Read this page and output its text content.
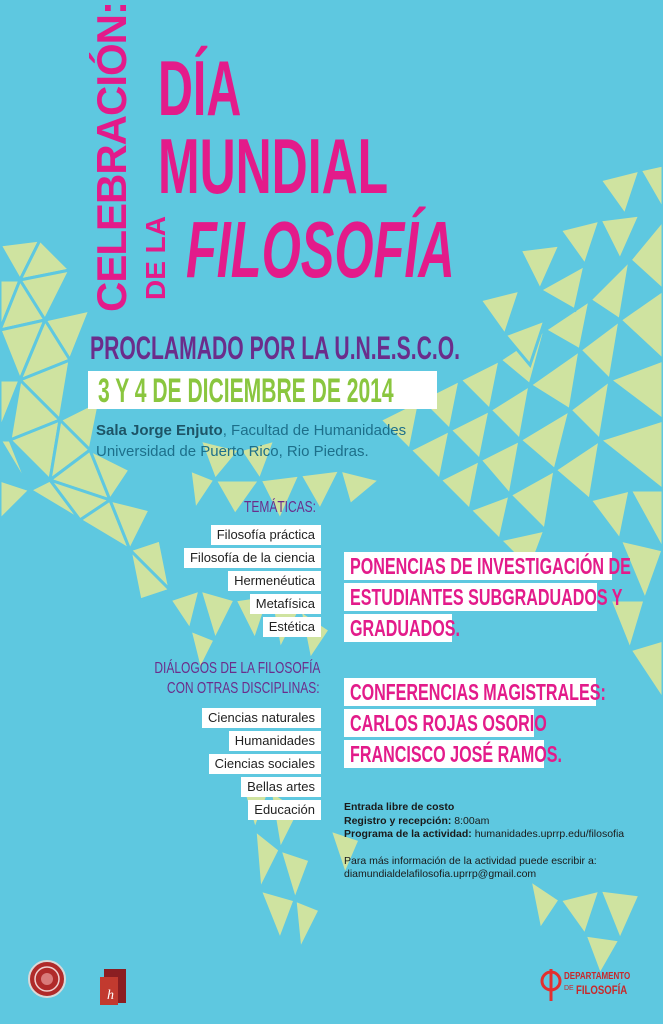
CELEBRACIÓN: DE LA
DÍA
MUNDIAL
FILOSOFÍA
PROCLAMADO POR LA U.N.E.S.C.O.
3 Y 4 DE DICIEMBRE DE 2014
Sala Jorge Enjuto, Facultad de Humanidades
Universidad de Puerto Rico, Rio Piedras.
TEMÁTICAS:
Filosofía práctica
Filosofía de la ciencia
Hermenéutica
Metafísica
Estética
DIÁLOGOS DE LA FILOSOFÍA
CON OTRAS DISCIPLINAS:
Ciencias naturales
Humanidades
Ciencias sociales
Bellas artes
Educación
PONENCIAS DE INVESTIGACIÓN DE
ESTUDIANTES SUBGRADUADOS Y
GRADUADOS.
CONFERENCIAS MAGISTRALES:
CARLOS ROJAS OSORIO
FRANCISCO JOSÉ RAMOS.
Entrada libre de costo
Registro y recepción: 8:00am
Programa de la actividad: humanidades.uprrp.edu/filosofia
Para más información de la actividad puede escribir a:
diamundialdelafilosofia.uprrp@gmail.com
h
DEPARTAMENTO
DE FILOSOFÍA
